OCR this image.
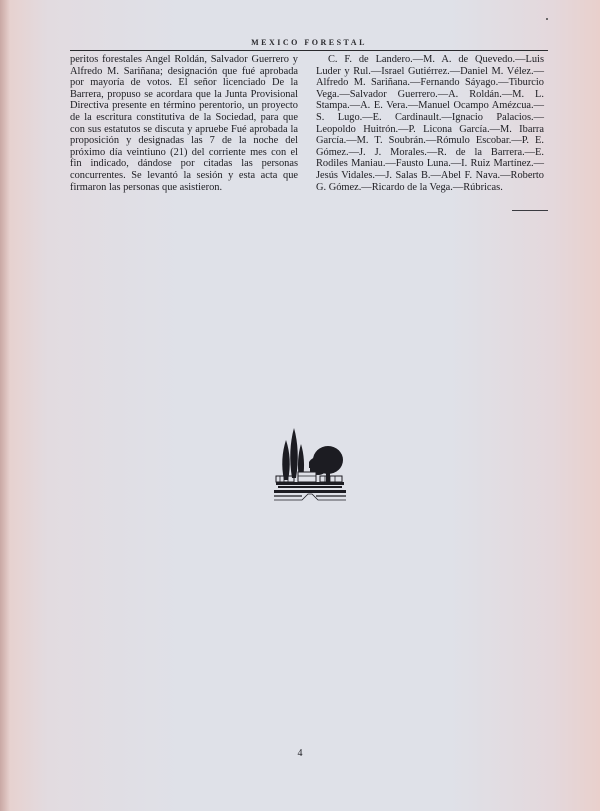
MEXICO FORESTAL

peritos forestales Angel Roldán, Salvador Guerrero y Alfredo M. Sariñana; designación que fué aprobada por mayoría de votos. El señor licenciado De la Barrera, propuso se acordara que la Junta Provisional Directiva presente en término perentorio, un proyecto de la escritura constitutiva de la Sociedad, para que con sus estatutos se discuta y apruebe Fué aprobada la proposición y designadas las 7 de la noche del próximo día veintiuno (21) del corriente mes con el fin indicado, dándose por citadas las personas concurrentes. Se levantó la sesión y esta acta que firmaron las personas que asistieron.

C. F. de Landero.—M. A. de Quevedo.—Luis Luder y Rul.—Israel Gutiérrez.—Daniel M. Vélez.—Alfredo M. Sariñana.—Fernando Sáyago.—Tiburcio Vega.—Salvador Guerrero.—A. Roldán.—M. L. Stampa.—A. E. Vera.—Manuel Ocampo Amézcua.—S. Lugo.—E. Cardinault.—Ignacio Palacios.—Leopoldo Huitrón.—P. Licona García.—M. Ibarra García.—M. T. Soubrán.—Rómulo Escobar.—P. E. Gómez.—J. J. Morales.—R. de la Barrera.—E. Rodiles Maniau.—Fausto Luna.—I. Ruiz Martínez.—Jesús Vidales.—J. Salas B.—Abel F. Nava.—Roberto G. Gómez.—Ricardo de la Vega.—Rúbricas.

4
